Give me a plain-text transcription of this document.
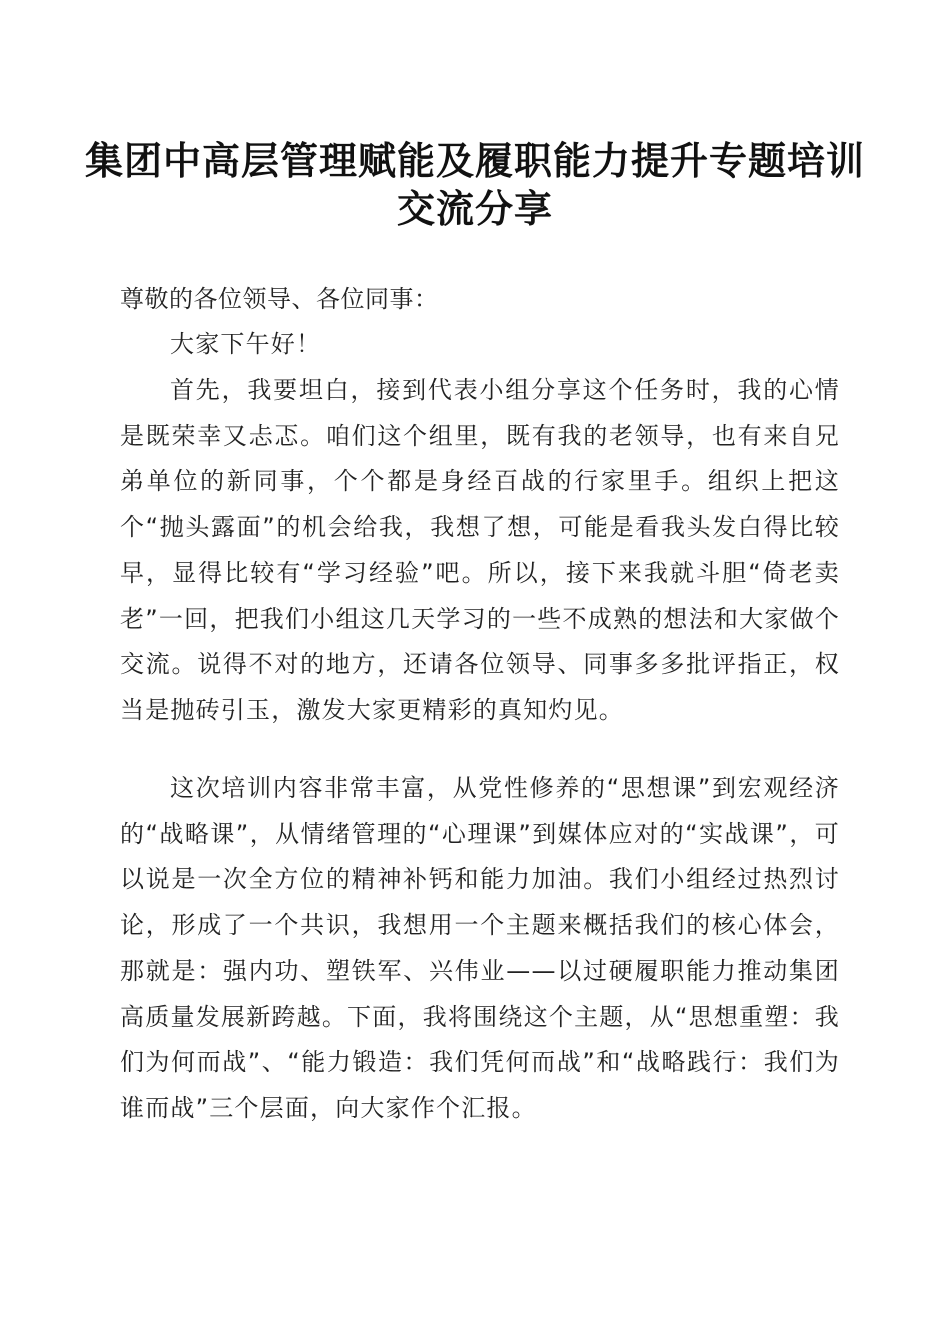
集团中高层管理赋能及履职能力提升专题培训
交流分享
尊敬的各位领导、各位同事：

大家下午好！

首先，我要坦白，接到代表小组分享这个任务时，我的心情是既荣幸又忐忑。咱们这个组里，既有我的老领导，也有来自兄弟单位的新同事，个个都是身经百战的行家里手。组织上把这个“抛头露面”的机会给我，我想了想，可能是看我头发白得比较早，显得比较有“学习经验”吧。所以，接下来我就斗胆“倚老卖老”一回，把我们小组这几天学习的一些不成熟的想法和大家做个交流。说得不对的地方，还请各位领导、同事多多批评指正，权当是抛砖引玉，激发大家更精彩的真知灼见。

这次培训内容非常丰富，从党性修养的“思想课”到宏观经济的“战略课”，从情绪管理的“心理课”到媒体应对的“实战课”，可以说是一次全方位的精神补钙和能力加油。我们小组经过热烈讨论，形成了一个共识，我想用一个主题来概括我们的核心体会，那就是：强内功、塑铁军、兴伟业——以过硬履职能力推动集团高质量发展新跨越。下面，我将围绕这个主题，从“思想重塑：我们为何而战”、“能力锻造：我们凭何而战”和“战略践行：我们为谁而战”三个层面，向大家作个汇报。
